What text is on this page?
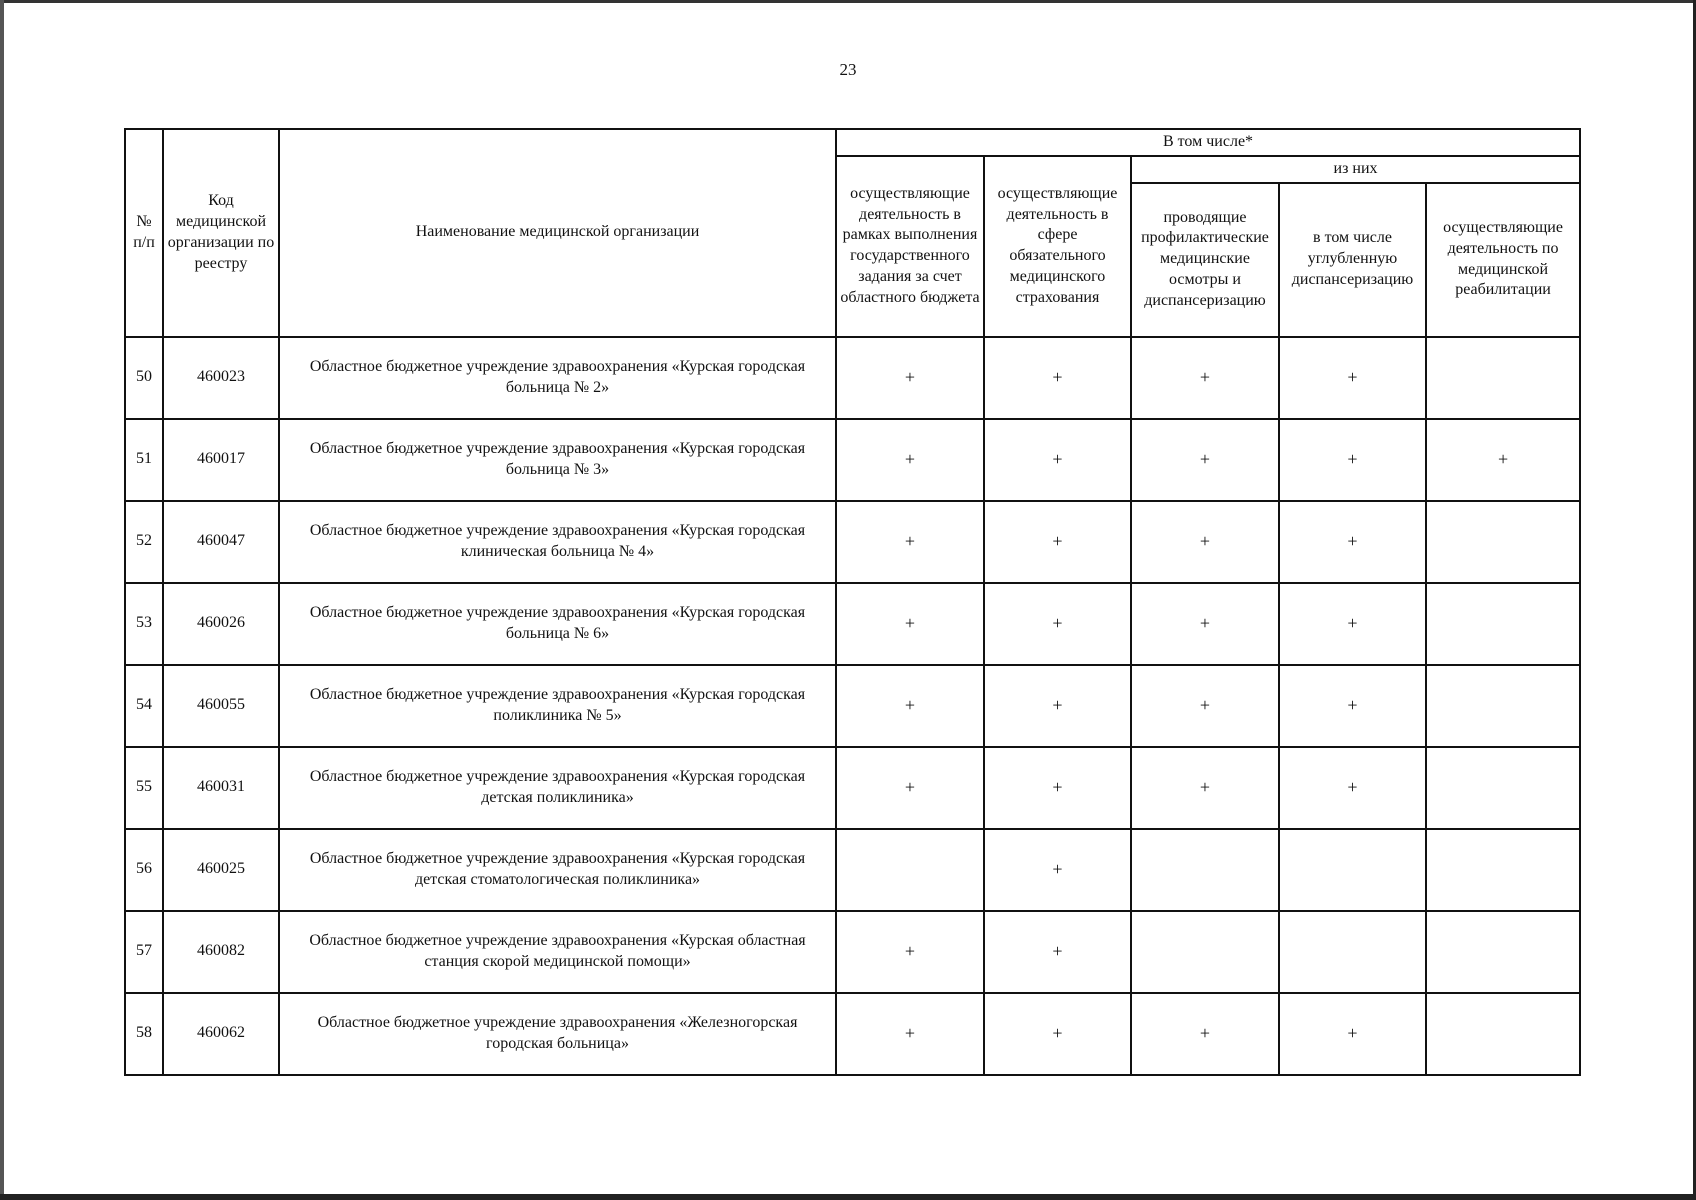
23
№ п/п	Код медицинской организации по реестру	Наименование медицинской организации	В том числе*				
			осуществляющие деятельность в рамках выполнения государственного задания за счет областного бюджета	осуществляющие деятельность в сфере обязательного медицинского страхования	из них		
					проводящие профилактические медицинские осмотры и диспансеризацию	в том числе углубленную диспансеризацию	осуществляющие деятельность по медицинской реабилитации
50	460023	Областное бюджетное учреждение здравоохранения «Курская городская больница № 2»	+	+	+	+	
51	460017	Областное бюджетное учреждение здравоохранения «Курская городская больница № 3»	+	+	+	+	+
52	460047	Областное бюджетное учреждение здравоохранения «Курская городская клиническая больница № 4»	+	+	+	+	
53	460026	Областное бюджетное учреждение здравоохранения «Курская городская больница № 6»	+	+	+	+	
54	460055	Областное бюджетное учреждение здравоохранения «Курская городская поликлиника № 5»	+	+	+	+	
55	460031	Областное бюджетное учреждение здравоохранения «Курская городская детская поликлиника»	+	+	+	+	
56	460025	Областное бюджетное учреждение здравоохранения «Курская городская детская стоматологическая поликлиника»		+			
57	460082	Областное бюджетное учреждение здравоохранения «Курская областная станция скорой медицинской помощи»	+	+			
58	460062	Областное бюджетное учреждение здравоохранения «Железногорская городская больница»	+	+	+	+	
